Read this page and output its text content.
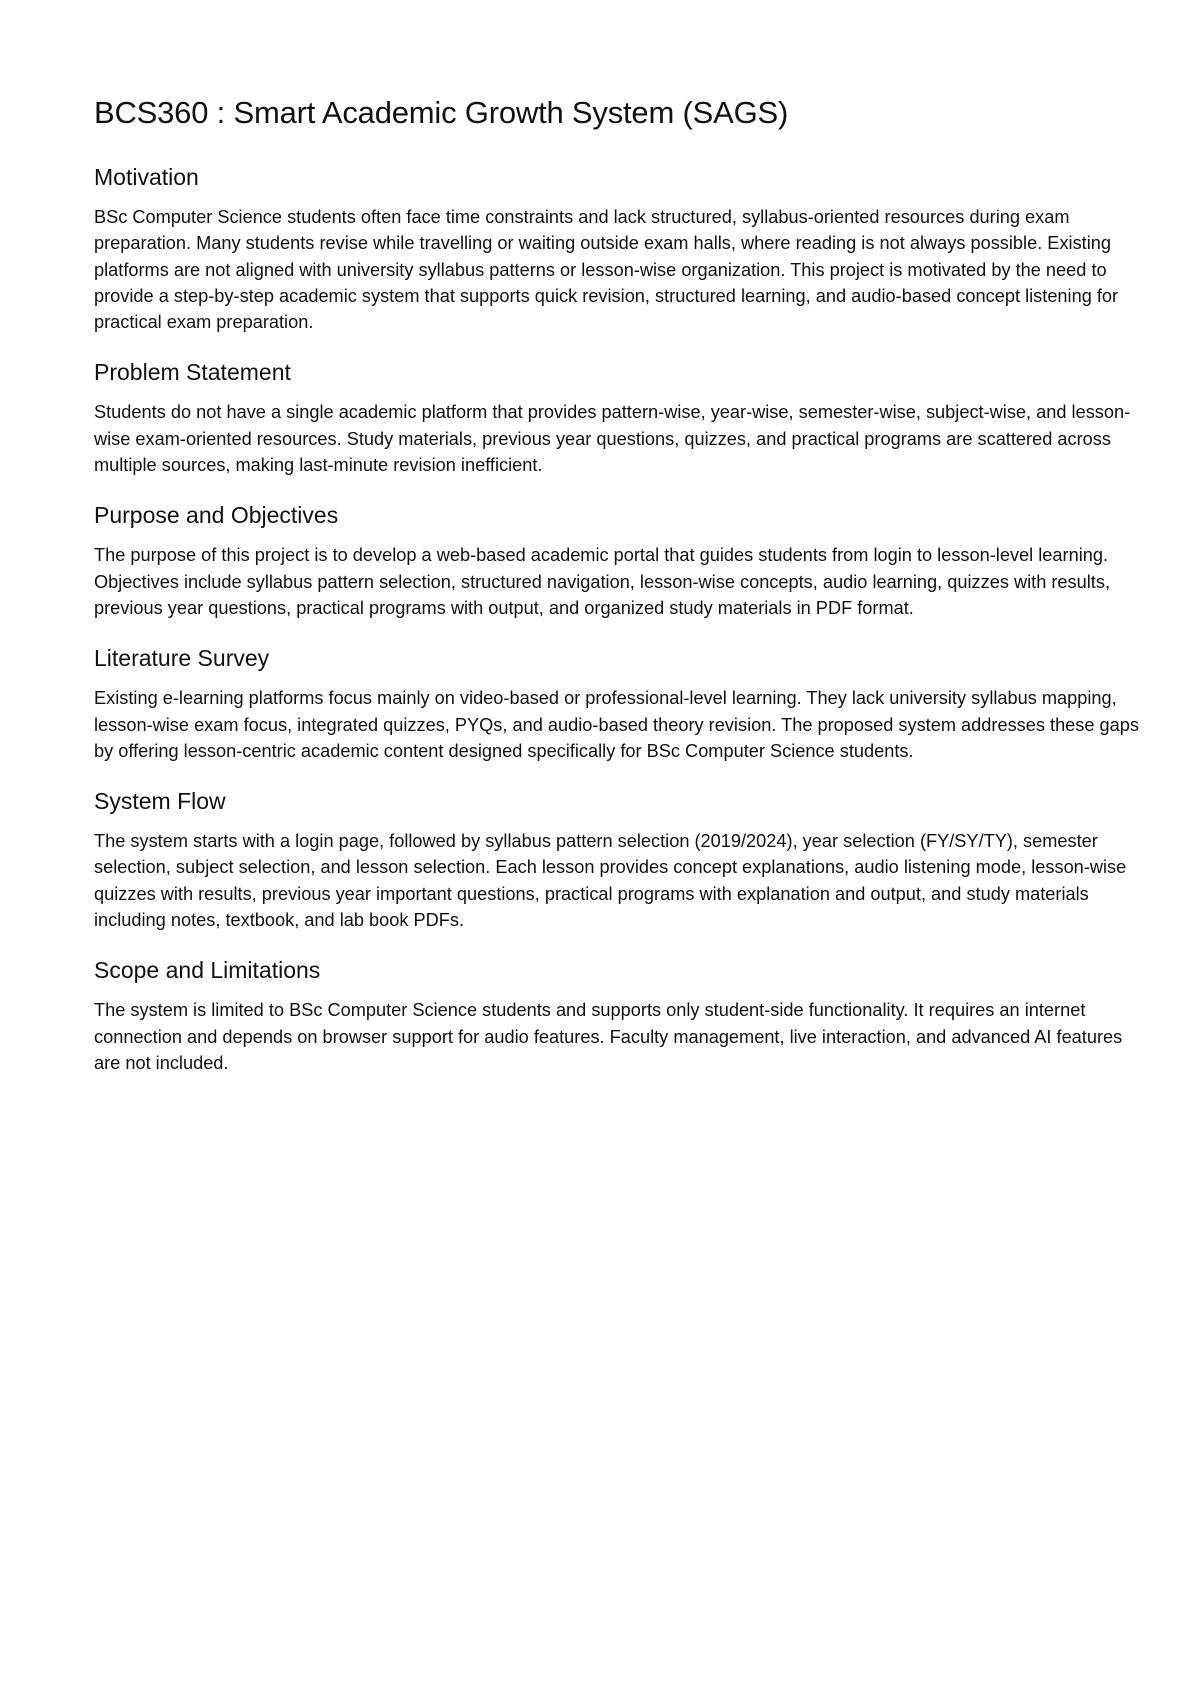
BCS360 : Smart Academic Growth System (SAGS)
Motivation

BSc Computer Science students often face time constraints and lack structured, syllabus-oriented resources during exam preparation. Many students revise while travelling or waiting outside exam halls, where reading is not always possible. Existing platforms are not aligned with university syllabus patterns or lesson-wise organization. This project is motivated by the need to provide a step-by-step academic system that supports quick revision, structured learning, and audio-based concept listening for practical exam preparation.

Problem Statement

Students do not have a single academic platform that provides pattern-wise, year-wise, semester-wise, subject-wise, and lesson-wise exam-oriented resources. Study materials, previous year questions, quizzes, and practical programs are scattered across multiple sources, making last-minute revision inefficient.

Purpose and Objectives

The purpose of this project is to develop a web-based academic portal that guides students from login to lesson-level learning. Objectives include syllabus pattern selection, structured navigation, lesson-wise concepts, audio learning, quizzes with results, previous year questions, practical programs with output, and organized study materials in PDF format.

Literature Survey

Existing e-learning platforms focus mainly on video-based or professional-level learning. They lack university syllabus mapping, lesson-wise exam focus, integrated quizzes, PYQs, and audio-based theory revision. The proposed system addresses these gaps by offering lesson-centric academic content designed specifically for BSc Computer Science students.

System Flow

The system starts with a login page, followed by syllabus pattern selection (2019/2024), year selection (FY/SY/TY), semester selection, subject selection, and lesson selection. Each lesson provides concept explanations, audio listening mode, lesson-wise quizzes with results, previous year important questions, practical programs with explanation and output, and study materials including notes, textbook, and lab book PDFs.

Scope and Limitations

The system is limited to BSc Computer Science students and supports only student-side functionality. It requires an internet connection and depends on browser support for audio features. Faculty management, live interaction, and advanced AI features are not included.
